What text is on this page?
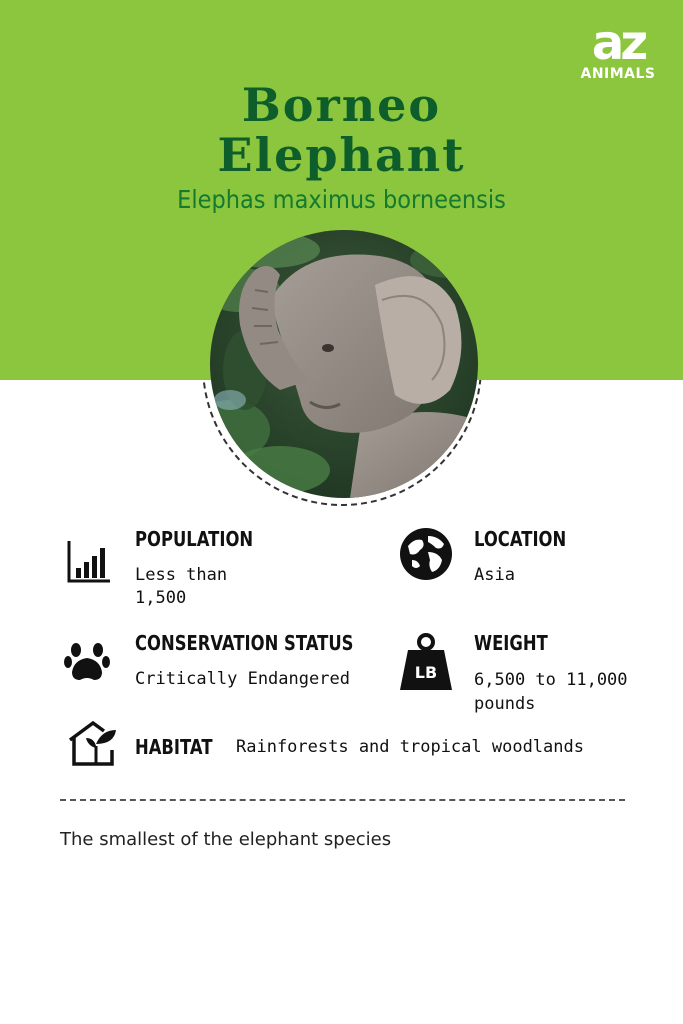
az
ANIMALS
Borneo
Elephant
Elephas maximus borneensis
POPULATION
Less than
1,500
LOCATION
Asia
CONSERVATION STATUS
Critically Endangered	LB
WEIGHT
6,500 to 11,000
pounds
HABITAT Rainforests and tropical woodlands
The smallest of the elephant species
